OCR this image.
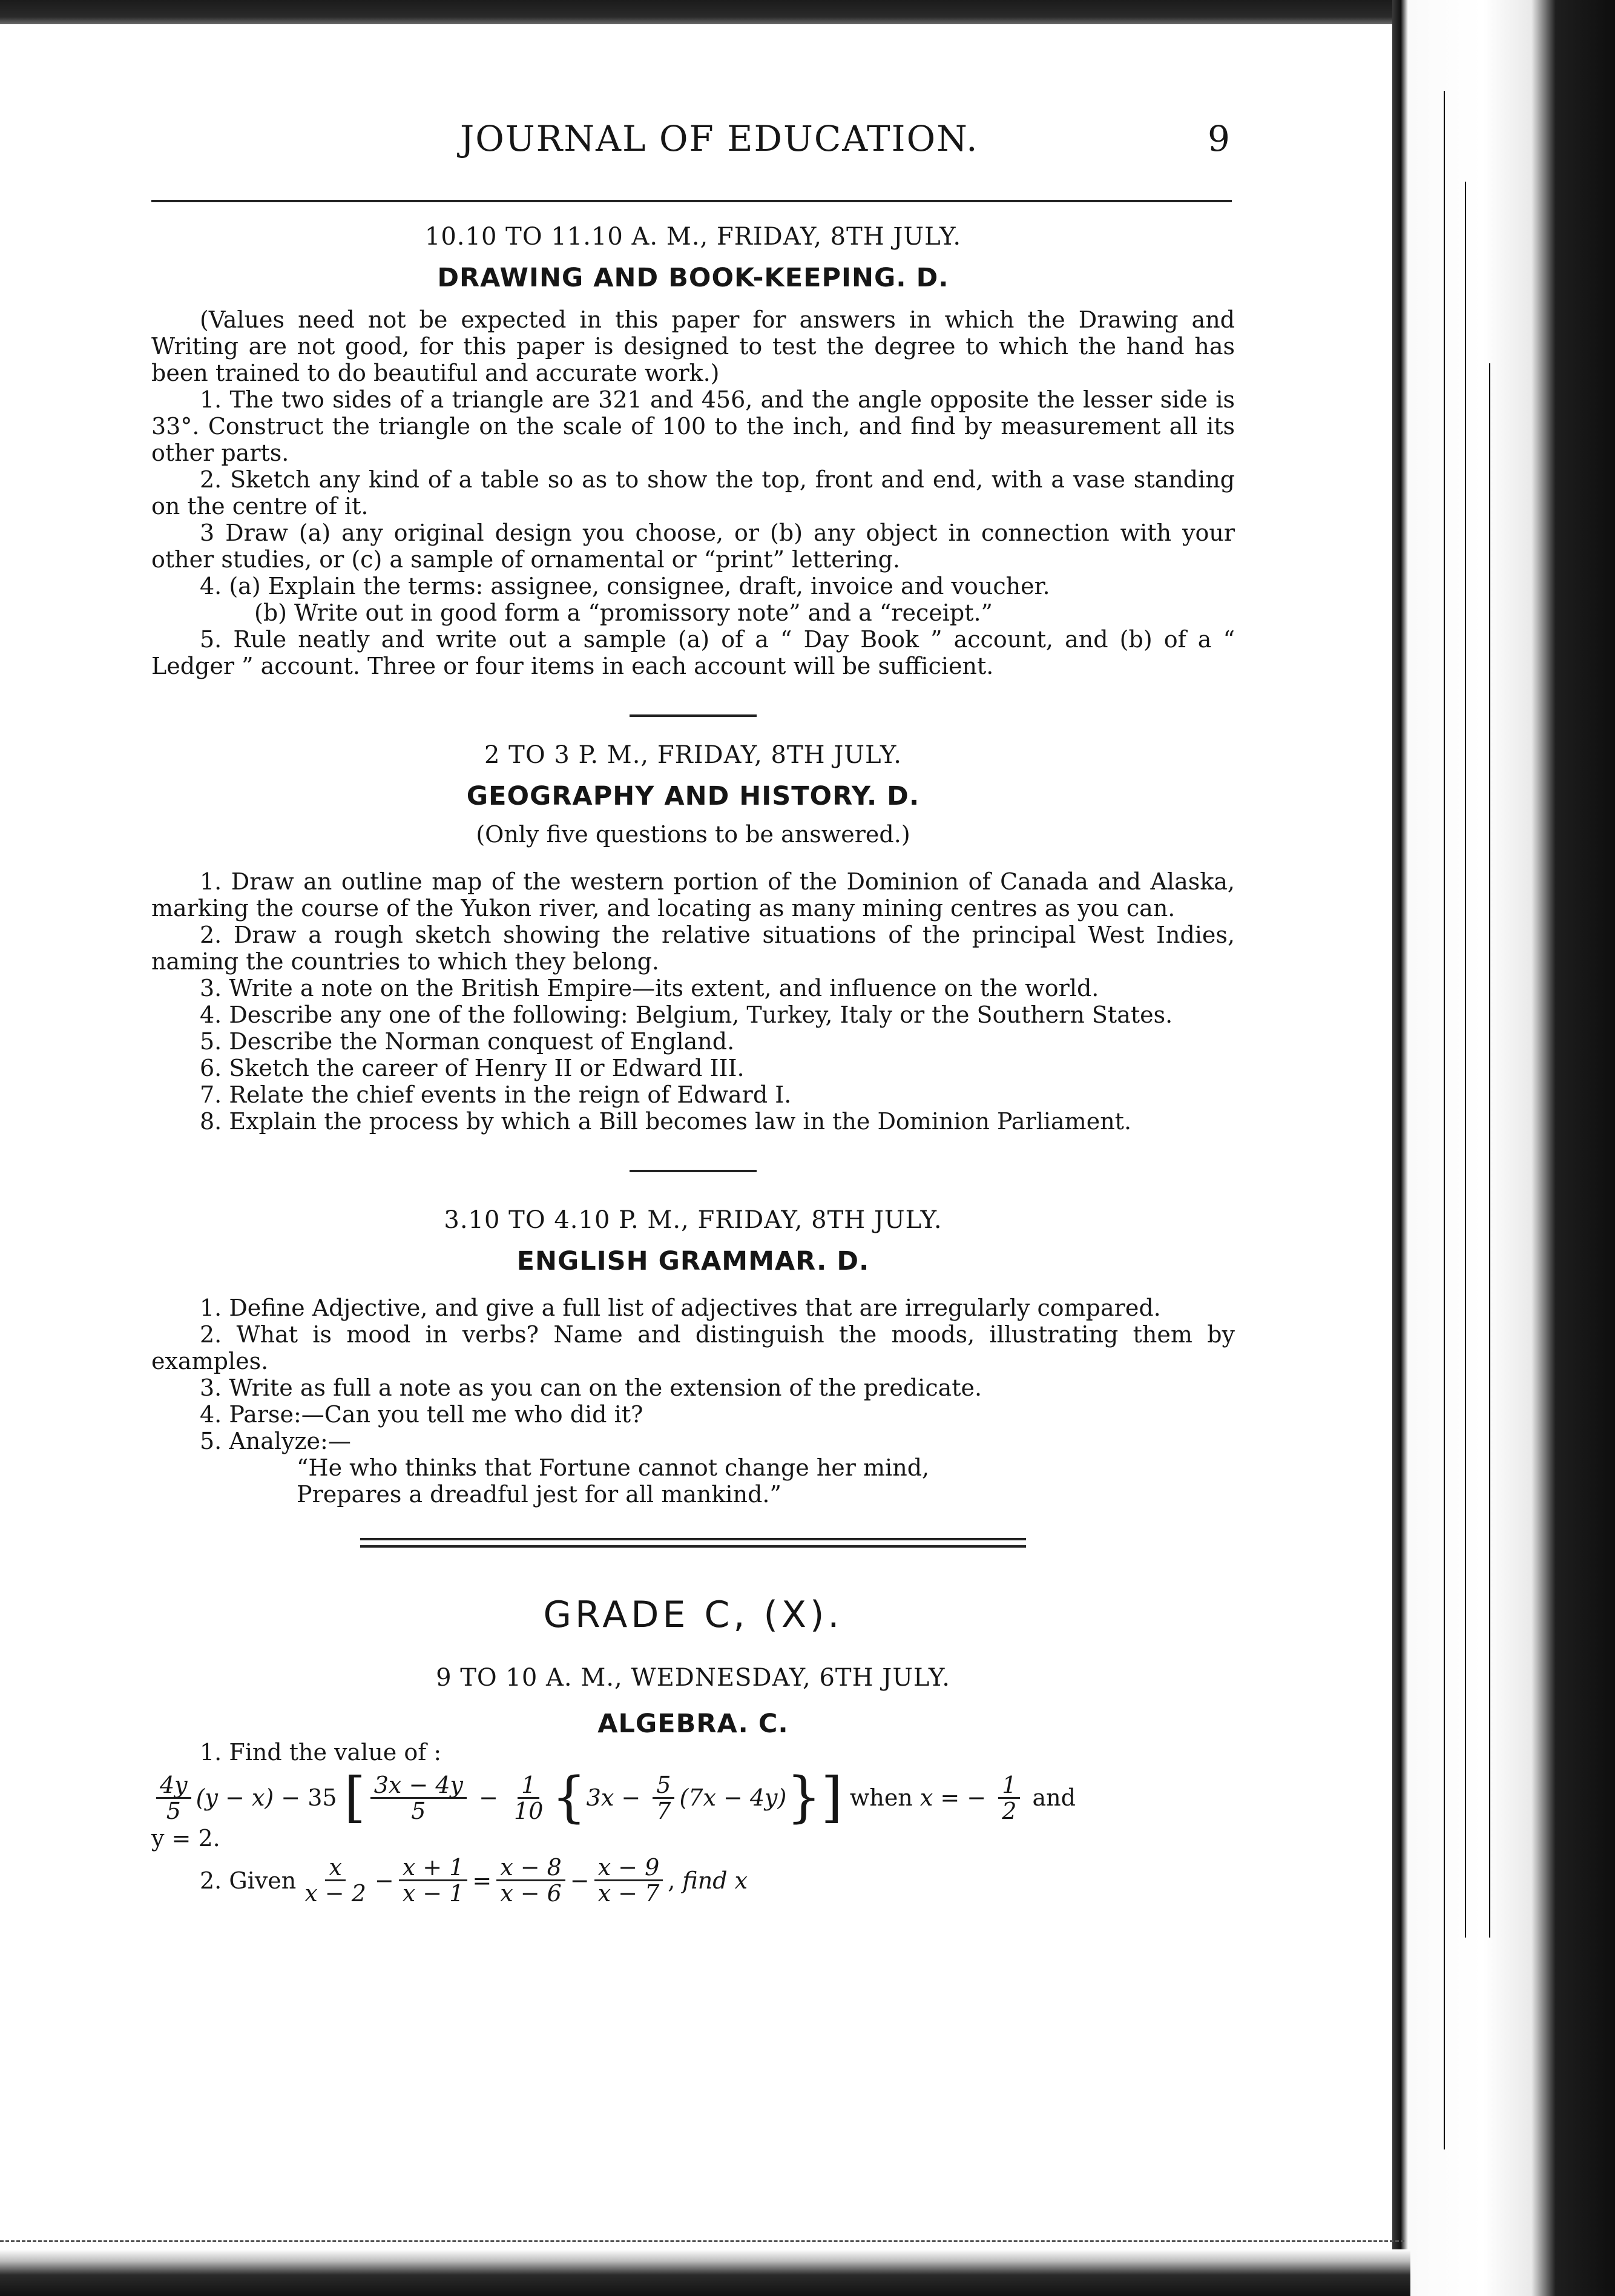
JOURNAL OF EDUCATION.	9
10.10 TO 11.10 A. M., FRIDAY, 8TH JULY.
DRAWING AND BOOK-KEEPING. D.

(Values need not be expected in this paper for answers in which the Drawing and Writing are not good, for this paper is designed to test the degree to which the hand has been trained to do beautiful and accurate work.)

1. The two sides of a triangle are 321 and 456, and the angle opposite the lesser side is 33°. Construct the triangle on the scale of 100 to the inch, and find by measurement all its other parts.

2. Sketch any kind of a table so as to show the top, front and end, with a vase standing on the centre of it.

3 Draw (a) any original design you choose, or (b) any object in connection with your other studies, or (c) a sample of ornamental or “print” lettering.

4. (a) Explain the terms: assignee, consignee, draft, invoice and voucher.

(b) Write out in good form a “promissory note” and a “receipt.”

5. Rule neatly and write out a sample (a) of a “ Day Book ” account, and (b) of a “ Ledger ” account. Three or four items in each account will be sufficient.

2 TO 3 P. M., FRIDAY, 8TH JULY.
GEOGRAPHY AND HISTORY. D.
(Only five questions to be answered.)

1. Draw an outline map of the western portion of the Dominion of Canada and Alaska, marking the course of the Yukon river, and locating as many mining centres as you can.

2. Draw a rough sketch showing the relative situations of the principal West Indies, naming the countries to which they belong.

3. Write a note on the British Empire—its extent, and influence on the world.

4. Describe any one of the following: Belgium, Turkey, Italy or the Southern States.

5. Describe the Norman conquest of England.

6. Sketch the career of Henry II or Edward III.

7. Relate the chief events in the reign of Edward I.

8. Explain the process by which a Bill becomes law in the Dominion Parliament.

3.10 TO 4.10 P. M., FRIDAY, 8TH JULY.
ENGLISH GRAMMAR. D.

1. Define Adjective, and give a full list of adjectives that are irregularly compared.

2. What is mood in verbs? Name and distinguish the moods, illustrating them by examples.

3. Write as full a note as you can on the extension of the predicate.

4. Parse:—Can you tell me who did it?

5. Analyze:—

“He who thinks that Fortune cannot change her mind,

Prepares a dreadful jest for all mankind.”

GRADE C, (X).
9 TO 10 A. M., WEDNESDAY, 6TH JULY.
ALGEBRA. C.

1. Find the value of :

$\frac{4y}{5} (y - x) - 35$ [ $\frac{3x - 4y}{5} - \frac{1}{10}$ { $3x - \frac{5}{7} (7x - 4y)$ } ] when x = − $\frac{1}{2}$ and

y = 2.

2. Given $\frac{x}{x - 2} - \frac{x + 1}{x - 1} = \frac{x - 8}{x - 6} - \frac{x - 9}{x - 7}$ , find x
